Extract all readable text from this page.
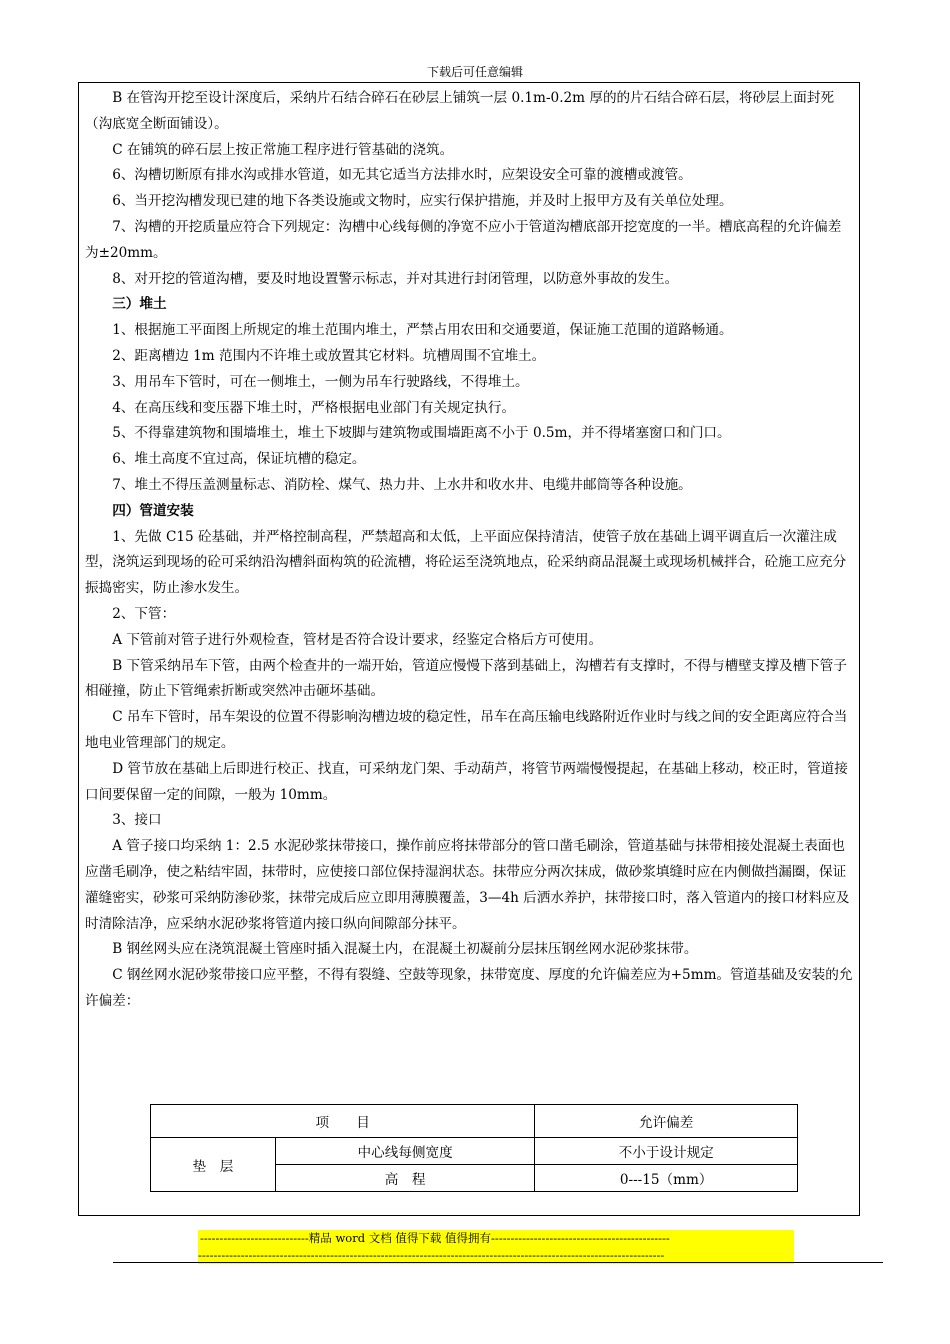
下载后可任意编辑

B 在管沟开挖至设计深度后，采纳片石结合碎石在砂层上铺筑一层 0.1m-0.2m 厚的的片石结合碎石层，将砂层上面封死（沟底宽全断面铺设）。

C 在铺筑的碎石层上按正常施工程序进行管基础的浇筑。

6、沟槽切断原有排水沟或排水管道，如无其它适当方法排水时，应架设安全可靠的渡槽或渡管。

6、当开挖沟槽发现已建的地下各类设施或文物时，应实行保护措施，并及时上报甲方及有关单位处理。

7、沟槽的开挖质量应符合下列规定：沟槽中心线每侧的净宽不应小于管道沟槽底部开挖宽度的一半。槽底高程的允许偏差为±20mm。

8、对开挖的管道沟槽，要及时地设置警示标志，并对其进行封闭管理，以防意外事故的发生。

三）堆土

1、根据施工平面图上所规定的堆土范围内堆土，严禁占用农田和交通要道，保证施工范围的道路畅通。

2、距离槽边 1m 范围内不许堆土或放置其它材料。坑槽周围不宜堆土。

3、用吊车下管时，可在一侧堆土，一侧为吊车行驶路线，不得堆土。

4、在高压线和变压器下堆土时，严格根据电业部门有关规定执行。

5、不得靠建筑物和围墙堆土，堆土下坡脚与建筑物或围墙距离不小于 0.5m，并不得堵塞窗口和门口。

6、堆土高度不宜过高，保证坑槽的稳定。

7、堆土不得压盖测量标志、消防栓、煤气、热力井、上水井和收水井、电缆井邮筒等各种设施。

四）管道安装

1、先做 C15 砼基础，并严格控制高程，严禁超高和太低，上平面应保持清洁，使管子放在基础上调平调直后一次灌注成型，浇筑运到现场的砼可采纳沿沟槽斜面构筑的砼流槽，将砼运至浇筑地点，砼采纳商品混凝土或现场机械拌合，砼施工应充分振捣密实，防止渗水发生。

2、下管：

A 下管前对管子进行外观检查，管材是否符合设计要求，经鉴定合格后方可使用。

B 下管采纳吊车下管，由两个检查井的一端开始，管道应慢慢下落到基础上，沟槽若有支撑时，不得与槽壁支撑及槽下管子相碰撞，防止下管绳索折断或突然冲击砸坏基础。

C 吊车下管时，吊车架设的位置不得影响沟槽边坡的稳定性，吊车在高压输电线路附近作业时与线之间的安全距离应符合当地电业管理部门的规定。

D 管节放在基础上后即进行校正、找直，可采纳龙门架、手动葫芦，将管节两端慢慢提起，在基础上移动，校正时，管道接口间要保留一定的间隙，一般为 10mm。

3、接口

A 管子接口均采纳 1：2.5 水泥砂浆抹带接口，操作前应将抹带部分的管口凿毛刷涂，管道基础与抹带相接处混凝土表面也应凿毛刷净，使之粘结牢固，抹带时，应使接口部位保持湿润状态。抹带应分两次抹成，做砂浆填缝时应在内侧做挡漏圈，保证灌缝密实，砂浆可采纳防渗砂浆，抹带完成后应立即用薄膜覆盖，3—4h 后洒水养护，抹带接口时，落入管道内的接口材料应及时清除洁净，应采纳水泥砂浆将管道内接口纵向间隙部分抹平。

B 钢丝网头应在浇筑混凝土管座时插入混凝土内，在混凝土初凝前分层抹压钢丝网水泥砂浆抹带。

C 钢丝网水泥砂浆带接口应平整，不得有裂缝、空鼓等现象，抹带宽度、厚度的允许偏差应为+5mm。管道基础及安装的允许偏差：

项　　目		允许偏差
垫　层	中心线每侧宽度	不小于设计规定
	高　程	0---15（mm）
----------------------------精品 word 文档 值得下载 值得拥有----------------------------------------------
------------------------------------------------------------------------------------------------------------------------
